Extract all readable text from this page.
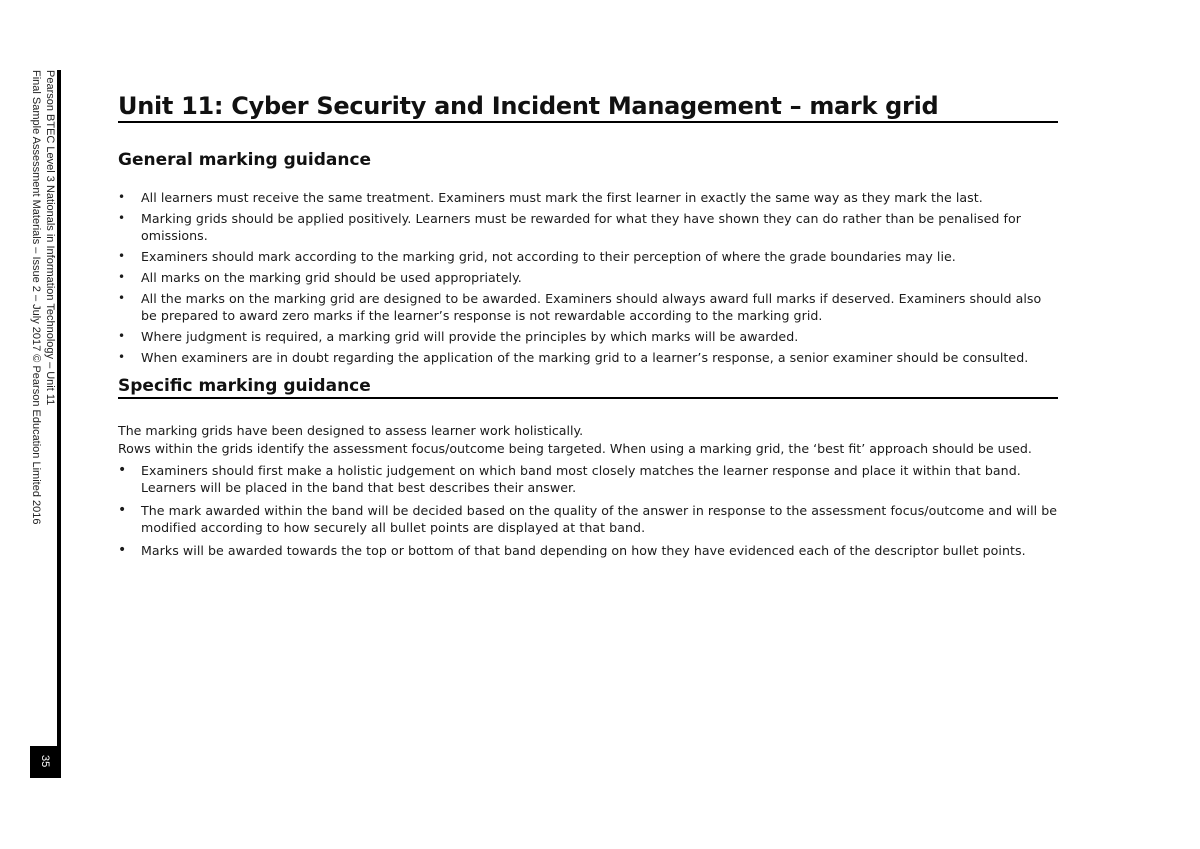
Pearson BTEC Level 3 Nationals in Information Technology – Unit 11
Final Sample Assessment Materials – Issue 2 – July 2017 © Pearson Education Limited 2016
35
Unit 11: Cyber Security and Incident Management – mark grid
General marking guidance
• All learners must receive the same treatment. Examiners must mark the first learner in exactly the same way as they mark the last.
• Marking grids should be applied positively. Learners must be rewarded for what they have shown they can do rather than be penalised for omissions.
• Examiners should mark according to the marking grid, not according to their perception of where the grade boundaries may lie.
• All marks on the marking grid should be used appropriately.
• All the marks on the marking grid are designed to be awarded. Examiners should always award full marks if deserved. Examiners should also be prepared to award zero marks if the learner’s response is not rewardable according to the marking grid.
• Where judgment is required, a marking grid will provide the principles by which marks will be awarded.
• When examiners are in doubt regarding the application of the marking grid to a learner’s response, a senior examiner should be consulted.
Specific marking guidance

The marking grids have been designed to assess learner work holistically.

Rows within the grids identify the assessment focus/outcome being targeted. When using a marking grid, the ‘best fit’ approach should be used.

• Examiners should first make a holistic judgement on which band most closely matches the learner response and place it within that band. Learners will be placed in the band that best describes their answer.
• The mark awarded within the band will be decided based on the quality of the answer in response to the assessment focus/outcome and will be modified according to how securely all bullet points are displayed at that band.
• Marks will be awarded towards the top or bottom of that band depending on how they have evidenced each of the descriptor bullet points.
